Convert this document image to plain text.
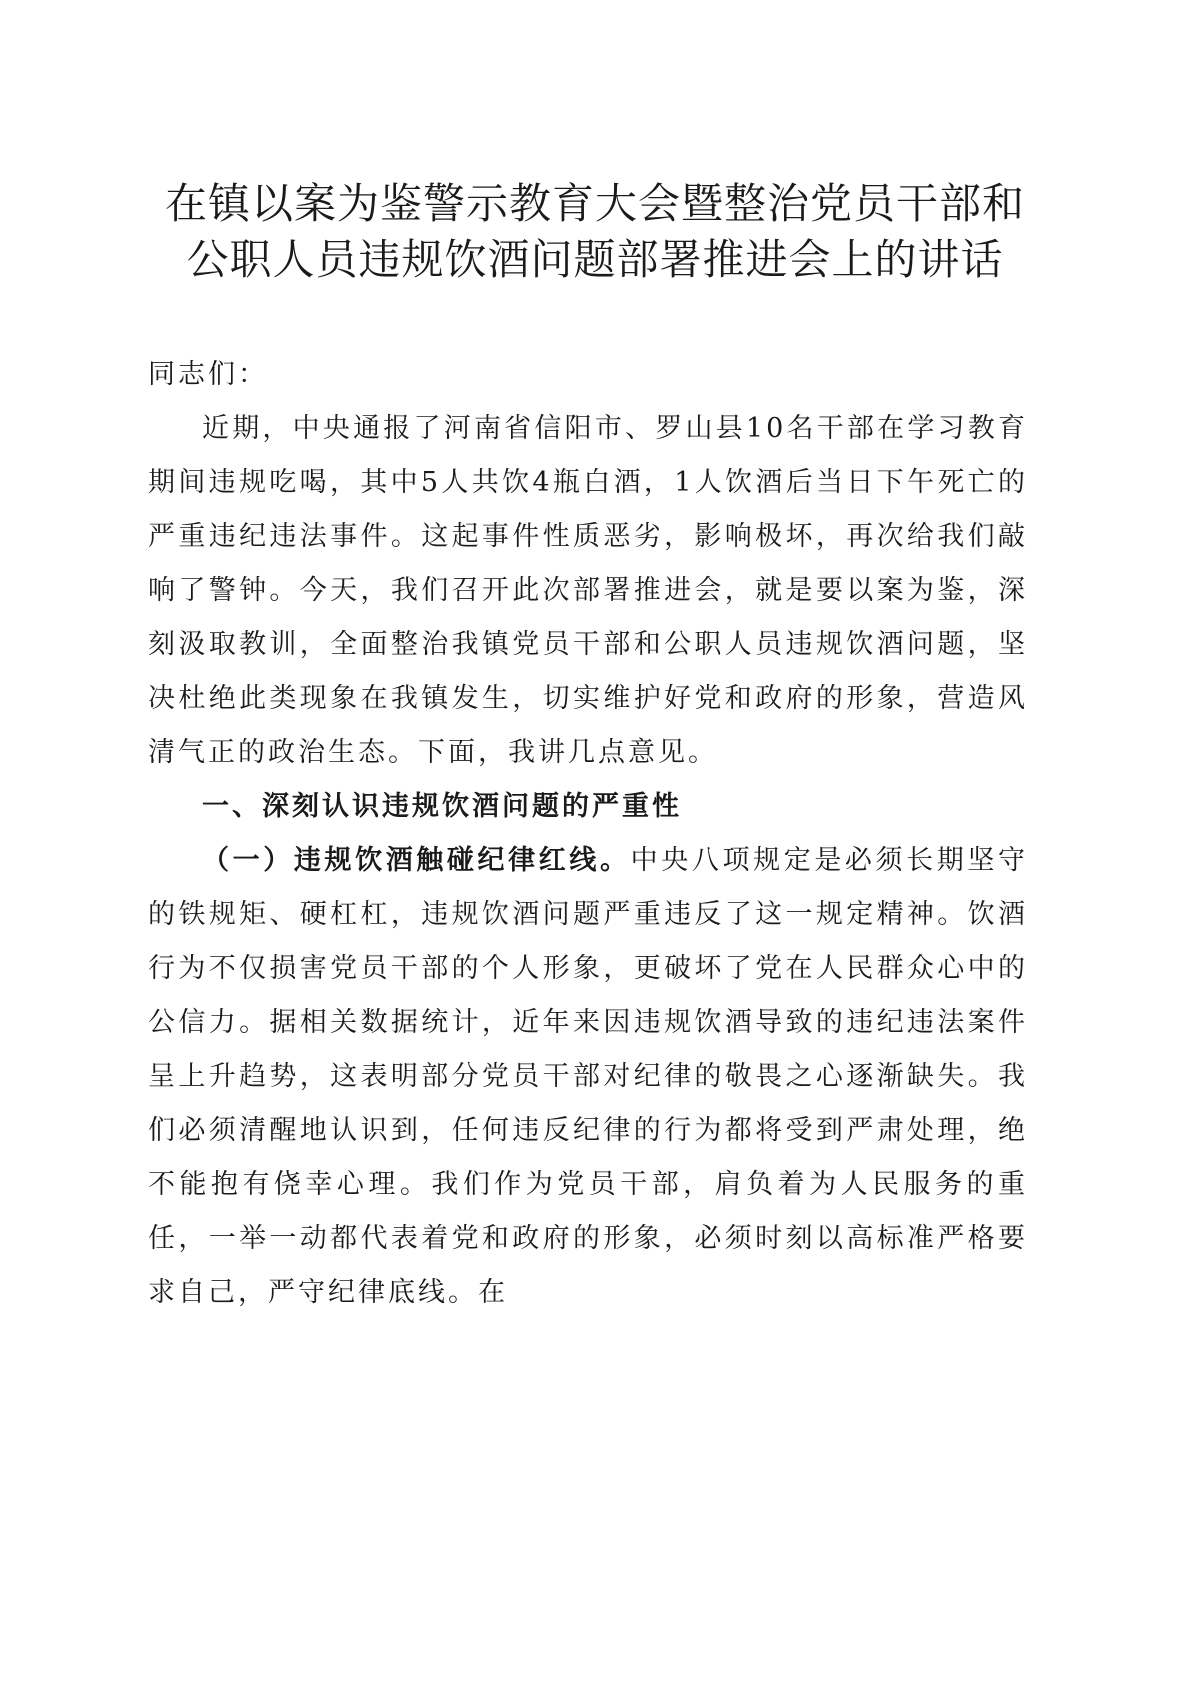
在镇以案为鉴警示教育大会暨整治党员干部和
公职人员违规饮酒问题部署推进会上的讲话

同志们：

近期，中央通报了河南省信阳市、罗山县10名干部在学习教育期间违规吃喝，其中5人共饮4瓶白酒，1人饮酒后当日下午死亡的严重违纪违法事件。这起事件性质恶劣，影响极坏，再次给我们敲响了警钟。今天，我们召开此次部署推进会，就是要以案为鉴，深刻汲取教训，全面整治我镇党员干部和公职人员违规饮酒问题，坚决杜绝此类现象在我镇发生，切实维护好党和政府的形象，营造风清气正的政治生态。下面，我讲几点意见。

一、深刻认识违规饮酒问题的严重性

（一）违规饮酒触碰纪律红线。中央八项规定是必须长期坚守的铁规矩、硬杠杠，违规饮酒问题严重违反了这一规定精神。饮酒行为不仅损害党员干部的个人形象，更破坏了党在人民群众心中的公信力。据相关数据统计，近年来因违规饮酒导致的违纪违法案件呈上升趋势，这表明部分党员干部对纪律的敬畏之心逐渐缺失。我们必须清醒地认识到，任何违反纪律的行为都将受到严肃处理，绝不能抱有侥幸心理。我们作为党员干部，肩负着为人民服务的重任，一举一动都代表着党和政府的形象，必须时刻以高标准严格要求自己，严守纪律底线。在
